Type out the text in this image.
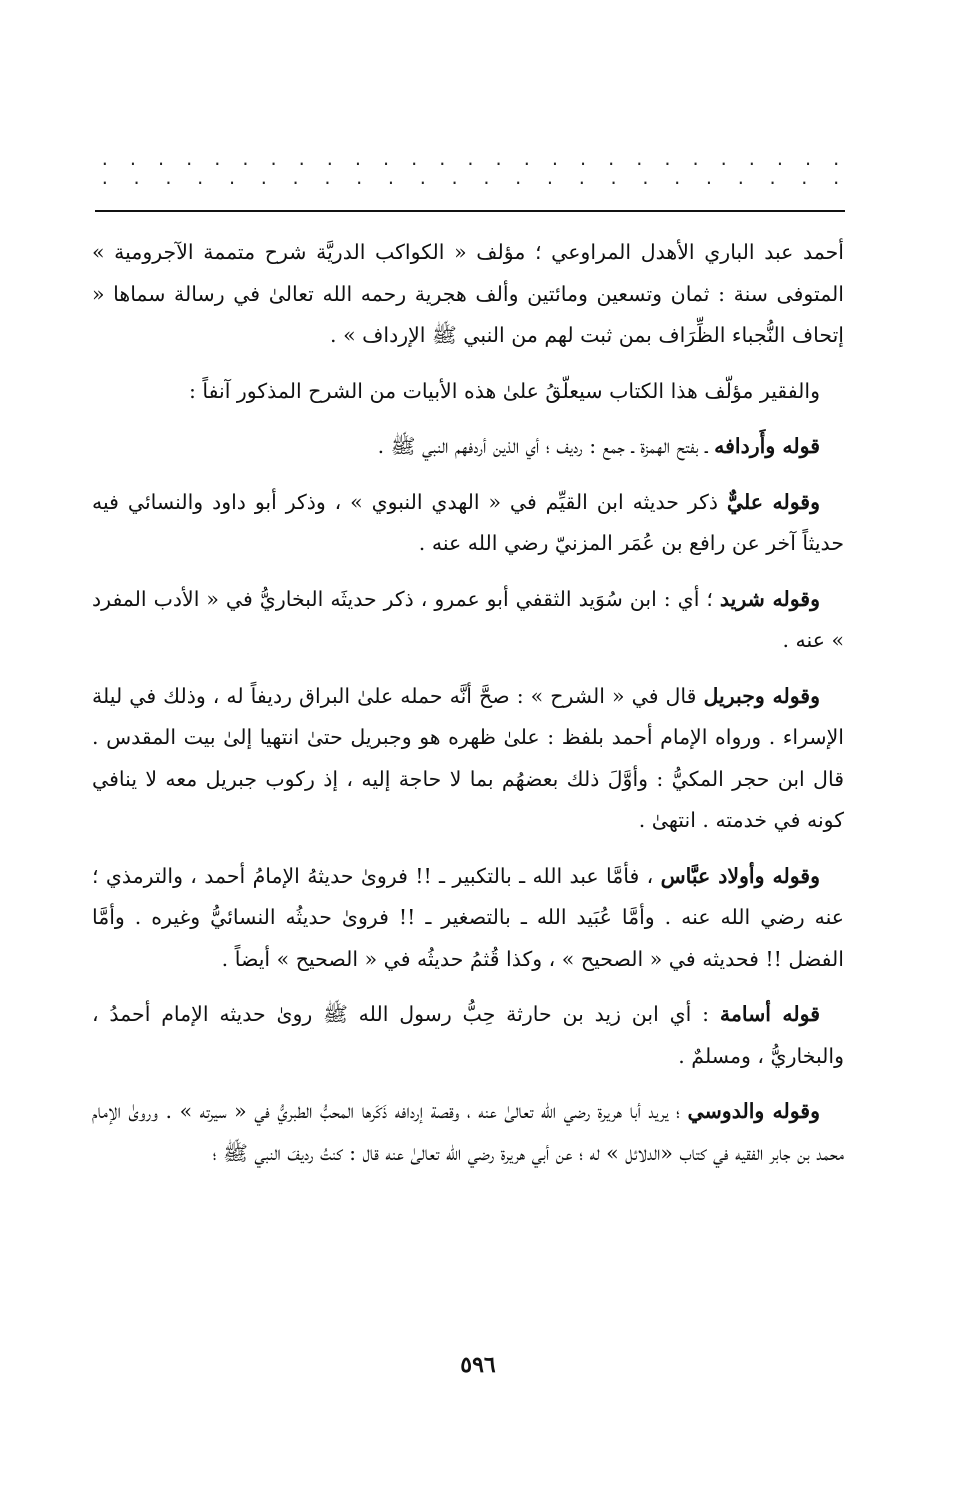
. . . . . . . . . . . . . . . . . . . . . . . . . . . . . . . . . . . . . . . . . . . . . . . . . . .

أحمد عبد الباري الأهدل المراوعي ؛ مؤلف « الكواكب الدريَّة شرح متممة الآجرومية » المتوفى سنة : ثمان وتسعين ومائتين وألف هجرية رحمه الله تعالىٰ في رسالة سماها « إتحاف النُّجباء الظِّرَاف بمن ثبت لهم من النبي ﷺ الإرداف » .

والفقير مؤلّف هذا الكتاب سيعلّقُ علىٰ هذه الأبيات من الشرح المذكور آنفاً :

قوله وأَردافه ـ بفتح الهمزة ـ جمع : رديف ؛ أي الذين أردفهم النبي ﷺ .

وقوله عليٌّ ذكر حديثه ابن القيِّم في « الهدي النبوي » ، وذكر أبو داود والنسائي فيه حديثاً آخر عن رافع بن عُمَر المزنيّ رضي الله عنه .

وقوله شريد ؛ أي : ابن سُوَيد الثقفي أبو عمرو ، ذكر حديثَه البخاريُّ في « الأدب المفرد » عنه .

وقوله وجبريل قال في « الشرح » : صحَّ أنَّه حمله علىٰ البراق رديفاً له ، وذلك في ليلة الإسراء . ورواه الإمام أحمد بلفظ : علىٰ ظهره هو وجبريل حتىٰ انتهيا إلىٰ بيت المقدس . قال ابن حجر المكيُّ : وأوَّلَ ذلك بعضهُم بما لا حاجة إليه ، إذ ركوب جبريل معه لا ينافي كونه في خدمته . انتهىٰ .

وقوله وأولاد عبَّاس ، فأمَّا عبد الله ـ بالتكبير ـ !! فروىٰ حديثهُ الإمامُ أحمد ، والترمذي ؛ عنه رضي الله عنه . وأمَّا عُبَيد الله ـ بالتصغير ـ !! فروىٰ حديثُه النسائيُّ وغيره . وأمَّا الفضل !! فحديثه في « الصحيح » ، وكذا قُثمُ حديثُه في « الصحيح » أيضاً .

قوله أسامة : أي ابن زيد بن حارثة حِبُّ رسول الله ﷺ روىٰ حديثه الإمام أحمدُ ، والبخاريُّ ، ومسلمٌ .

وقوله والدوسي ؛ يريد أبا هريرة رضي الله تعالىٰ عنه ، وقصة إردافه ذَكَرها المحبُّ الطبريُّ في « سيرته » . وروىٰ الإمام محمد بن جابر الفقيه في كتاب «الدلائل » له ؛ عن أبي هريرة رضي الله تعالىٰ عنه قال : كنتُ رديفَ النبي ﷺ ؛

٥٩٦
